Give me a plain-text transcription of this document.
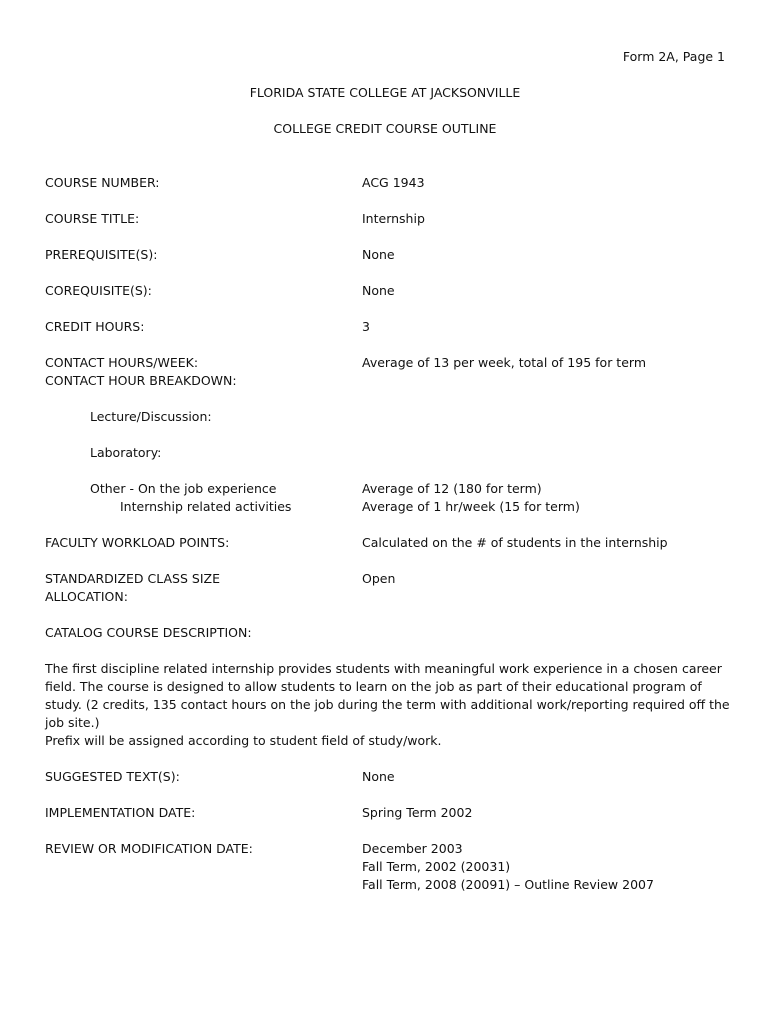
Form 2A, Page 1
FLORIDA STATE COLLEGE AT JACKSONVILLE
COLLEGE CREDIT COURSE OUTLINE
COURSE NUMBER:	ACG 1943
COURSE TITLE:	Internship
PREREQUISITE(S):	None
COREQUISITE(S):	None
CREDIT HOURS:	3
CONTACT HOURS/WEEK:	Average of 13 per week, total of 195 for term
CONTACT HOUR BREAKDOWN:
Lecture/Discussion:
Laboratory:
Other - On the job experience	Average of 12 (180 for term)
Internship related activities	Average of 1 hr/week (15 for term)
FACULTY WORKLOAD POINTS:	Calculated on the # of students in the internship
STANDARDIZED CLASS SIZE	Open
ALLOCATION:
CATALOG COURSE DESCRIPTION:
The first discipline related internship provides students with meaningful work experience in a chosen career field. The course is designed to allow students to learn on the job as part of their educational program of study. (2 credits, 135 contact hours on the job during the term with additional work/reporting required off the job site.)
Prefix will be assigned according to student field of study/work.
SUGGESTED TEXT(S):	None
IMPLEMENTATION DATE:	Spring Term 2002
REVIEW OR MODIFICATION DATE:	December 2003
Fall Term, 2002 (20031)
Fall Term, 2008 (20091) – Outline Review 2007
